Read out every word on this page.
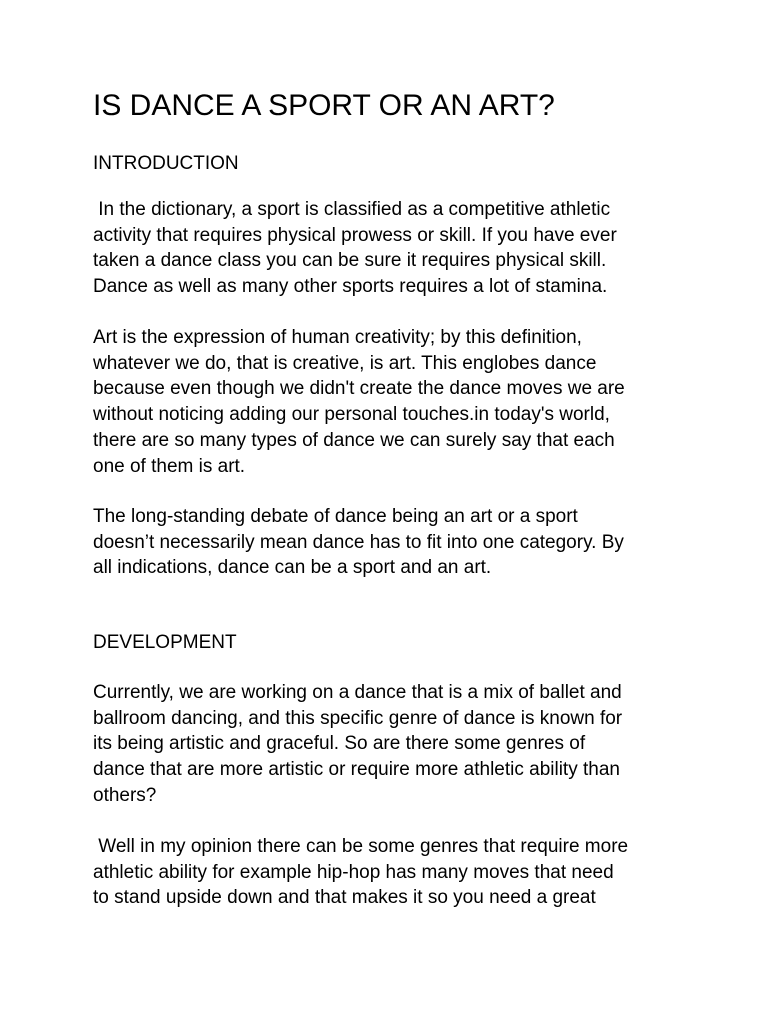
IS DANCE A SPORT OR AN ART?
INTRODUCTION

In the dictionary, a sport is classified as a competitive athletic
activity that requires physical prowess or skill. If you have ever
taken a dance class you can be sure it requires physical skill.
Dance as well as many other sports requires a lot of stamina.

Art is the expression of human creativity; by this definition,
whatever we do, that is creative, is art. This englobes dance
because even though we didn't create the dance moves we are
without noticing adding our personal touches.in today's world,
there are so many types of dance we can surely say that each
one of them is art.

The long-standing debate of dance being an art or a sport
doesn’t necessarily mean dance has to fit into one category. By
all indications, dance can be a sport and an art.

DEVELOPMENT

Currently, we are working on a dance that is a mix of ballet and
ballroom dancing, and this specific genre of dance is known for
its being artistic and graceful. So are there some genres of
dance that are more artistic or require more athletic ability than
others?

Well in my opinion there can be some genres that require more
athletic ability for example hip-hop has many moves that need
to stand upside down and that makes it so you need a great
